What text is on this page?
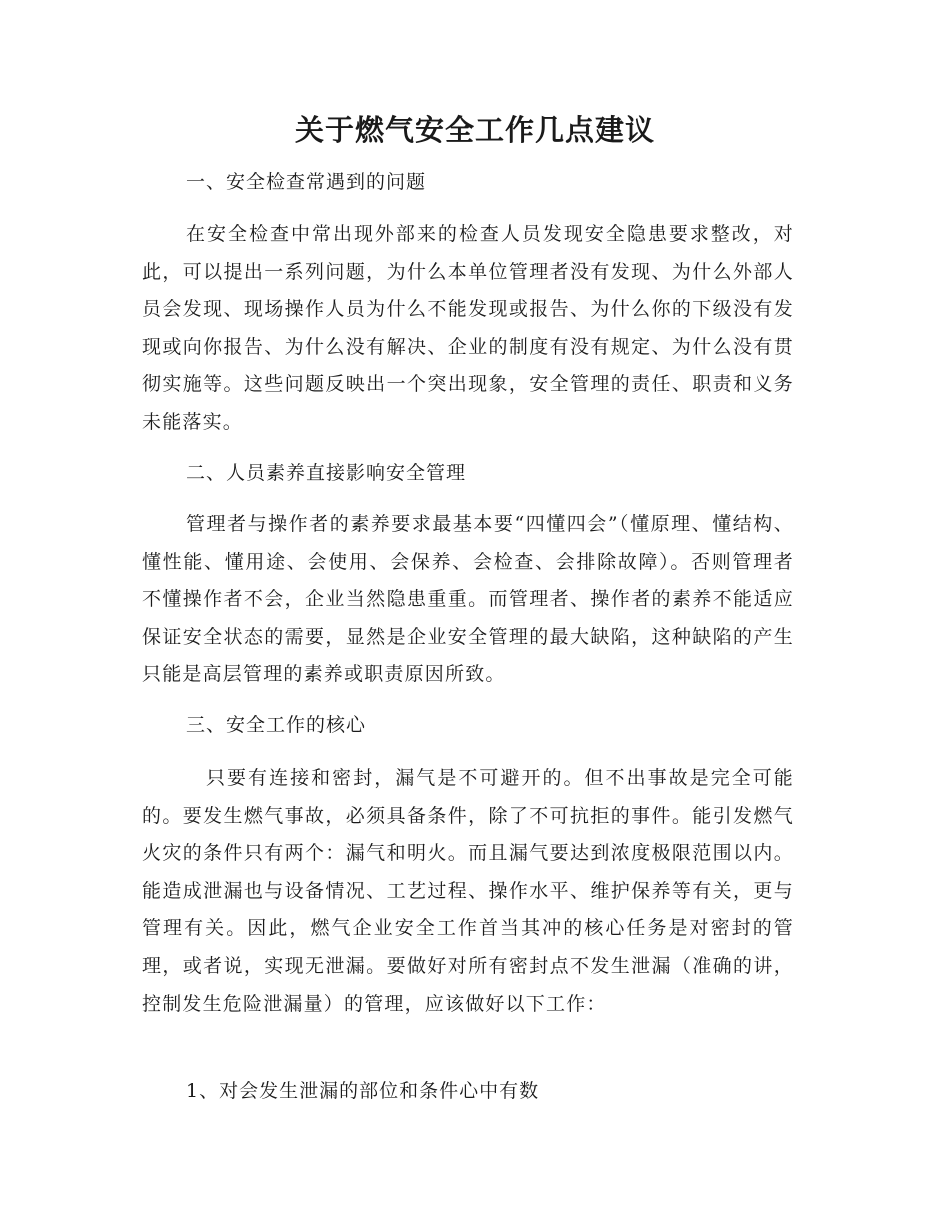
关于燃气安全工作几点建议

一、安全检查常遇到的问题

在安全检查中常出现外部来的检查人员发现安全隐患要求整改，对此，可以提出一系列问题，为什么本单位管理者没有发现、为什么外部人员会发现、现场操作人员为什么不能发现或报告、为什么你的下级没有发现或向你报告、为什么没有解决、企业的制度有没有规定、为什么没有贯彻实施等。这些问题反映出一个突出现象，安全管理的责任、职责和义务未能落实。

二、人员素养直接影响安全管理

管理者与操作者的素养要求最基本要“四懂四会”（懂原理、懂结构、懂性能、懂用途、会使用、会保养、会检查、会排除故障）。否则管理者不懂操作者不会，企业当然隐患重重。而管理者、操作者的素养不能适应保证安全状态的需要，显然是企业安全管理的最大缺陷，这种缺陷的产生只能是高层管理的素养或职责原因所致。

三、安全工作的核心

只要有连接和密封，漏气是不可避开的。但不出事故是完全可能的。要发生燃气事故，必须具备条件，除了不可抗拒的事件。能引发燃气火灾的条件只有两个：漏气和明火。而且漏气要达到浓度极限范围以内。能造成泄漏也与设备情况、工艺过程、操作水平、维护保养等有关，更与管理有关。因此，燃气企业安全工作首当其冲的核心任务是对密封的管理，或者说，实现无泄漏。要做好对所有密封点不发生泄漏（准确的讲，控制发生危险泄漏量）的管理，应该做好以下工作：

1、对会发生泄漏的部位和条件心中有数
